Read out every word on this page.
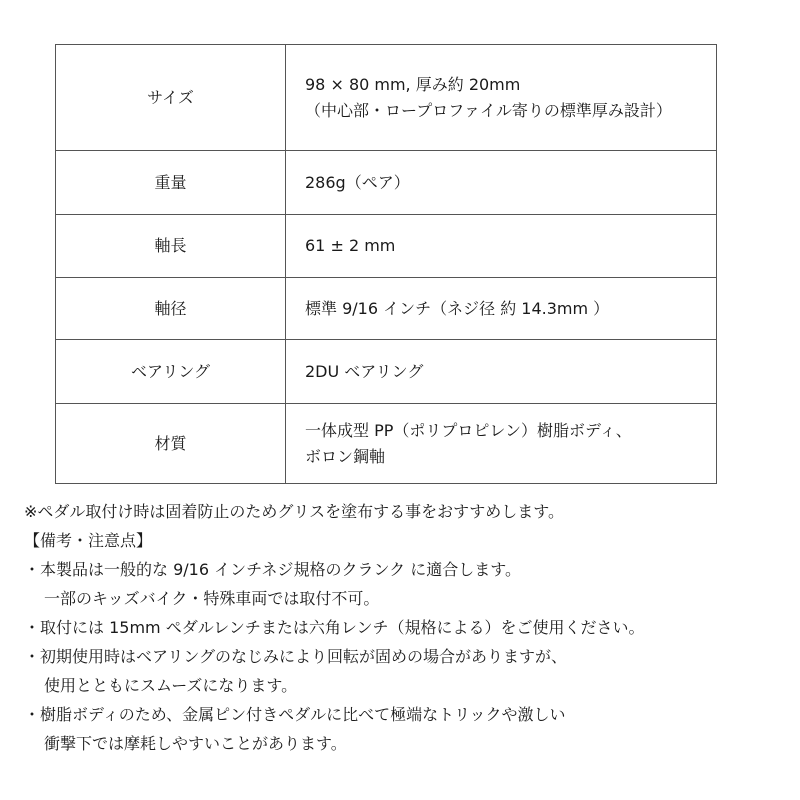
サイズ	98 × 80 mm, 厚み約 20mm
（中心部・ロープロファイル寄りの標準厚み設計）

重量	286g（ペア）

軸長	61 ± 2 mm

軸径	標準 9/16 インチ（ネジ径 約 14.3mm ）

ベアリング	2DU ベアリング

材質	一体成型 PP（ポリプロピレン）樹脂ボディ、
ボロン鋼軸

※ペダル取付け時は固着防止のためグリスを塗布する事をおすすめします。

【備考・注意点】

・本製品は一般的な 9/16 インチネジ規格のクランク に適合します。

一部のキッズバイク・特殊車両では取付不可。

・取付には 15mm ペダルレンチまたは六角レンチ（規格による）をご使用ください。

・初期使用時はベアリングのなじみにより回転が固めの場合がありますが、

使用とともにスムーズになります。

・樹脂ボディのため、金属ピン付きペダルに比べて極端なトリックや激しい

衝撃下では摩耗しやすいことがあります。
